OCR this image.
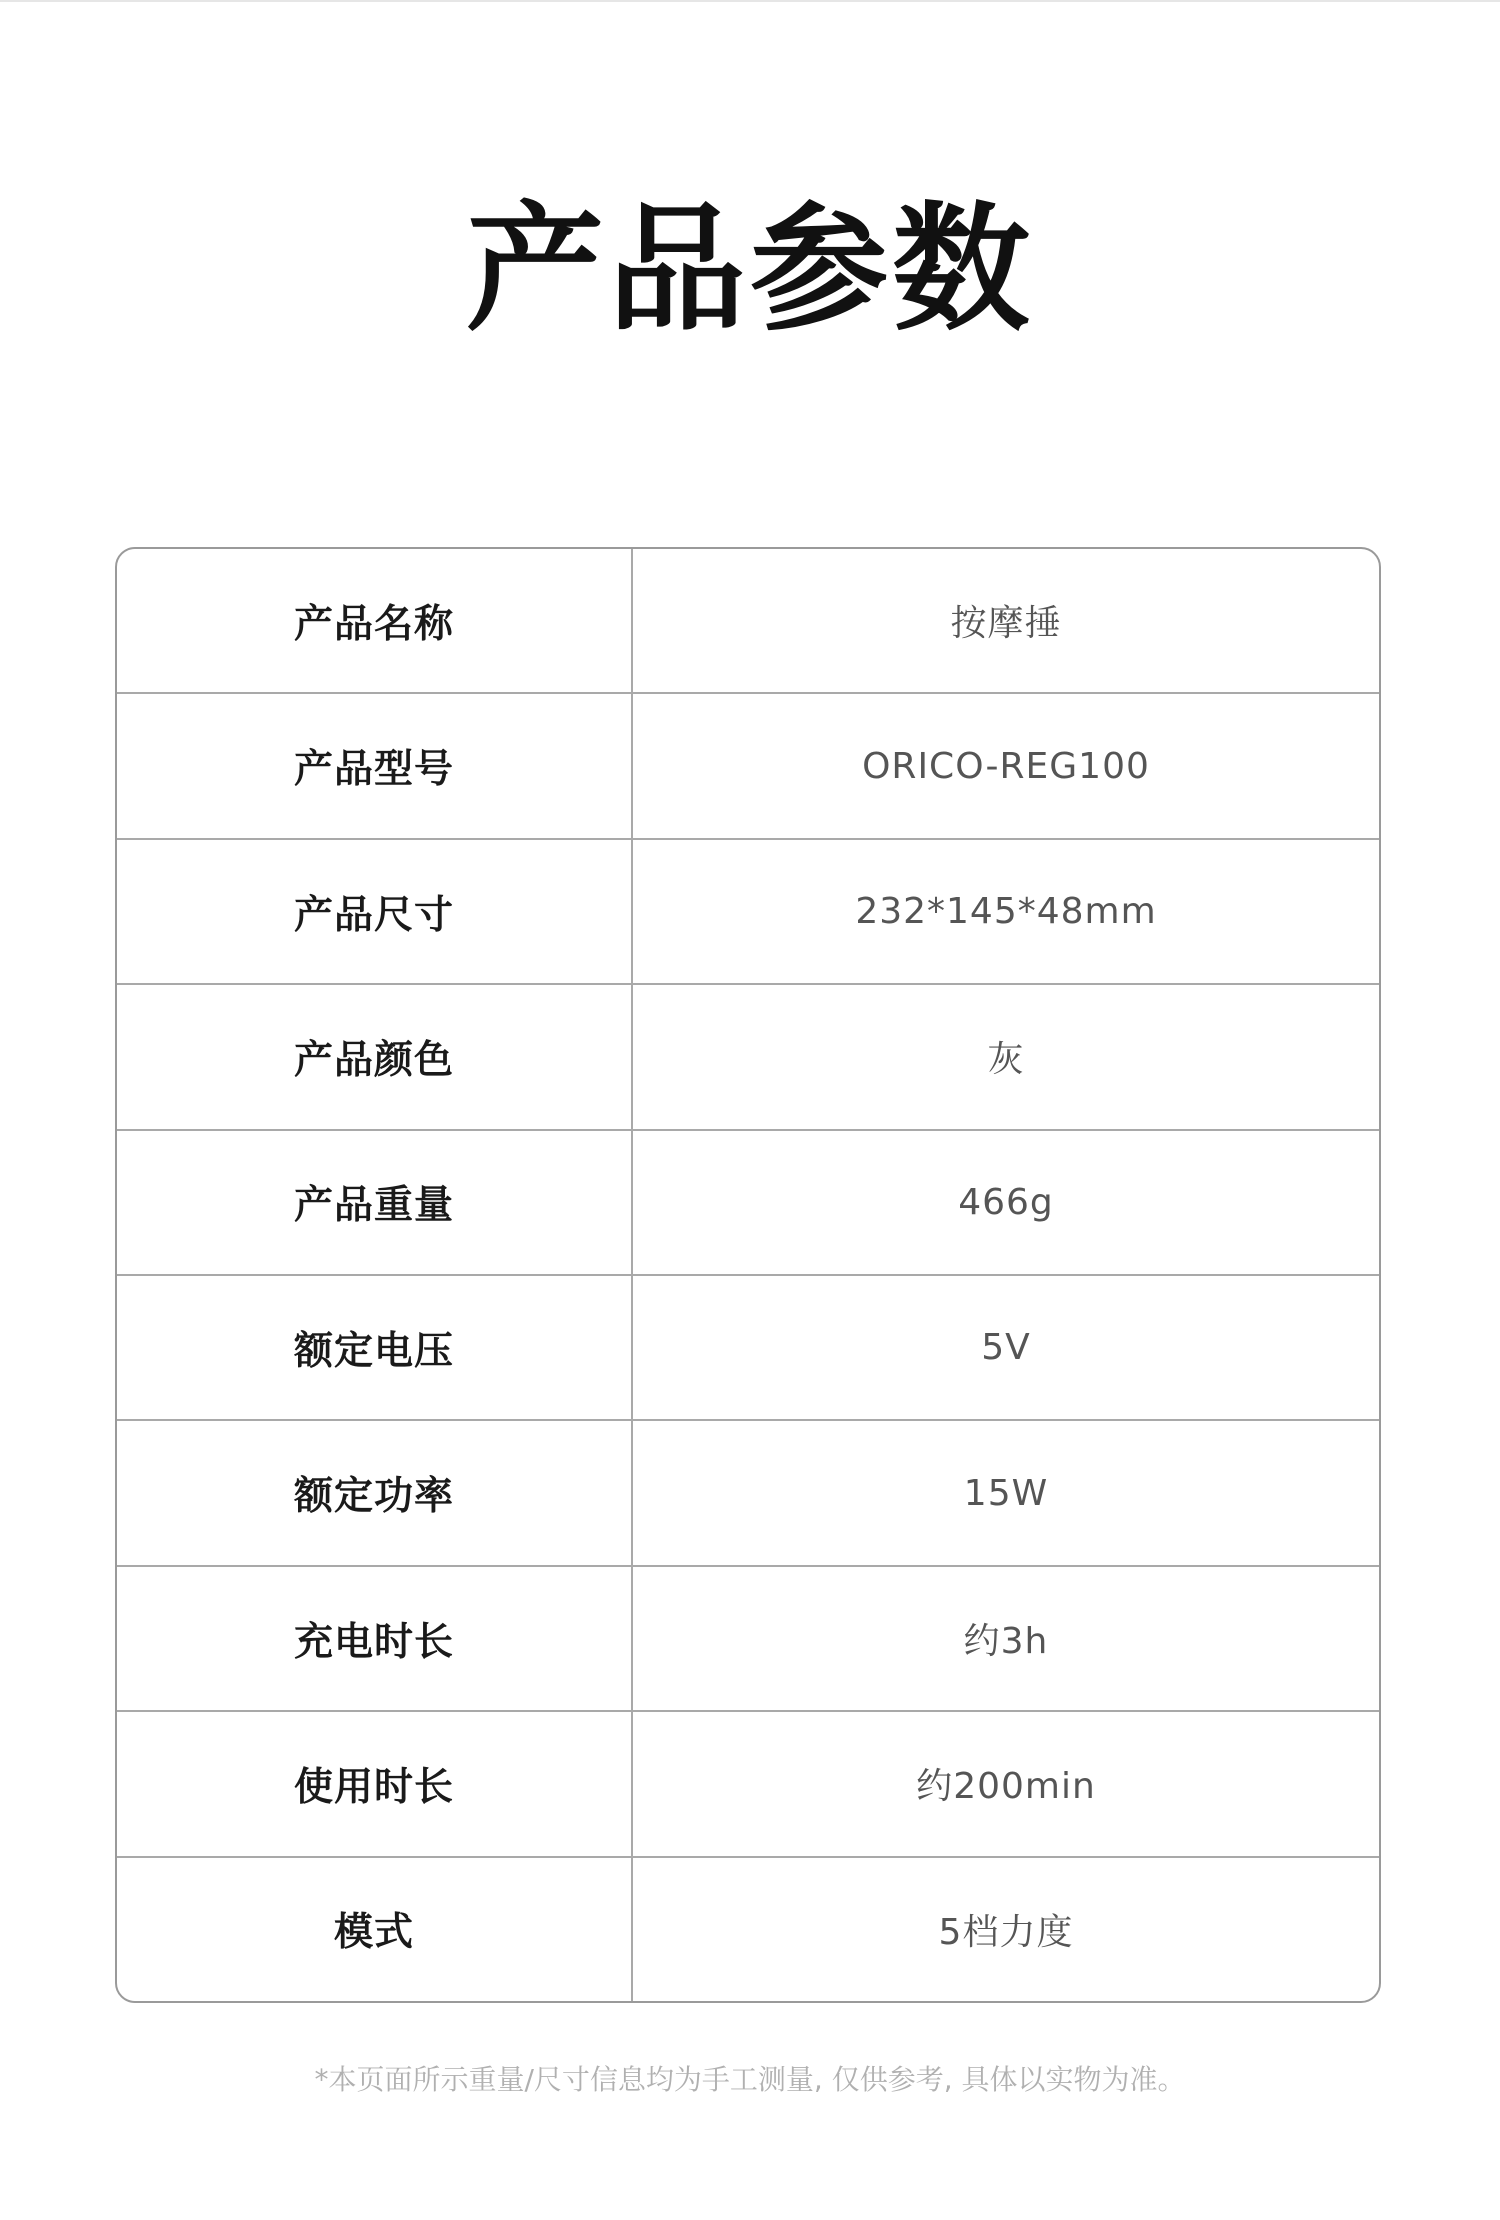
产品参数
产品名称	按摩捶
产品型号	ORICO-REG100
产品尺寸	232*145*48mm
产品颜色	灰
产品重量	466g
额定电压	5V
额定功率	15W
充电时长	约3h
使用时长	约200min
模式	5档力度
*本页面所示重量/尺寸信息均为手工测量, 仅供参考, 具体以实物为准。
